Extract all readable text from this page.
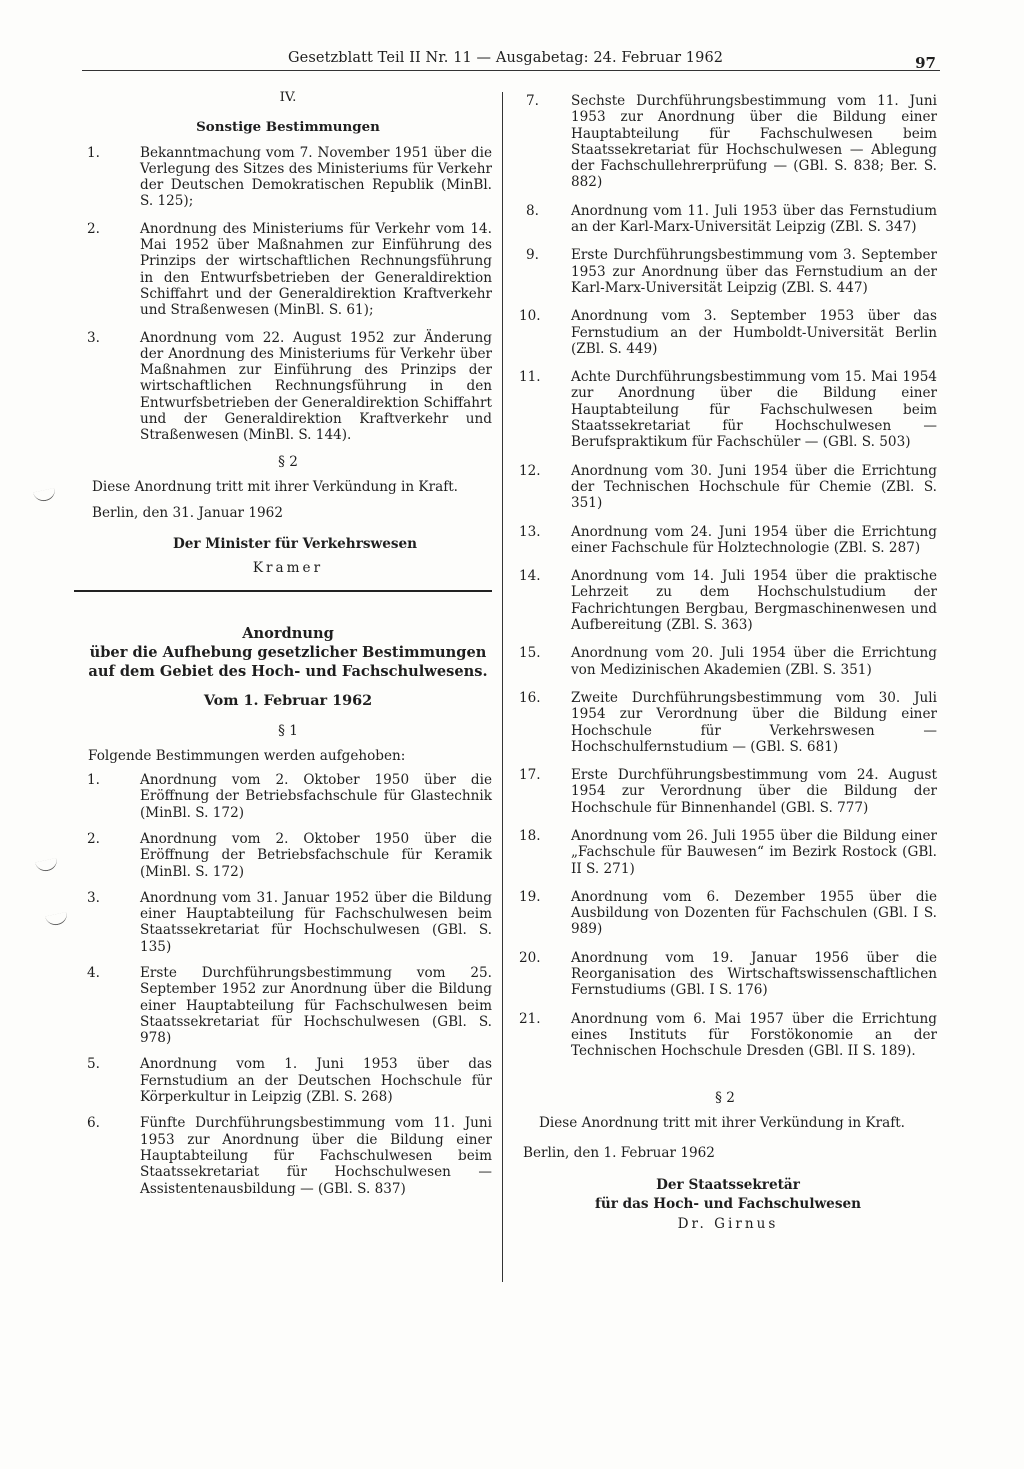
Gesetzblatt Teil II Nr. 11 — Ausgabetag: 24. Februar 1962	97
IV.
Sonstige Bestimmungen
1.	Bekanntmachung vom 7. November 1951 über die Verlegung des Sitzes des Ministeriums für Verkehr der Deutschen Demokratischen Republik (MinBl. S. 125);
2.	Anordnung des Ministeriums für Verkehr vom 14. Mai 1952 über Maßnahmen zur Einführung des Prinzips der wirtschaftlichen Rechnungsführung in den Entwurfsbetrieben der Generaldirektion Schiffahrt und der Generaldirektion Kraftverkehr und Straßenwesen (MinBl. S. 61);
3.	Anordnung vom 22. August 1952 zur Änderung der Anordnung des Ministeriums für Verkehr über Maßnahmen zur Einführung des Prinzips der wirtschaftlichen Rechnungsführung in den Entwurfsbetrieben der Generaldirektion Schiffahrt und der Generaldirektion Kraftverkehr und Straßenwesen (MinBl. S. 144).
§ 2

Diese Anordnung tritt mit ihrer Verkündung in Kraft.

Berlin, den 31. Januar 1962

Der Minister für Verkehrswesen
Kramer
Anordnung
über die Aufhebung gesetzlicher Bestimmungen
auf dem Gebiet des Hoch- und Fachschulwesens.
Vom 1. Februar 1962
§ 1

Folgende Bestimmungen werden aufgehoben:

1.	Anordnung vom 2. Oktober 1950 über die Eröffnung der Betriebsfachschule für Glastechnik (MinBl. S. 172)
2.	Anordnung vom 2. Oktober 1950 über die Eröffnung der Betriebsfachschule für Keramik (MinBl. S. 172)
3.	Anordnung vom 31. Januar 1952 über die Bildung einer Hauptabteilung für Fachschulwesen beim Staatssekretariat für Hochschulwesen (GBl. S. 135)
4.	Erste Durchführungsbestimmung vom 25. September 1952 zur Anordnung über die Bildung einer Hauptabteilung für Fachschulwesen beim Staatssekretariat für Hochschulwesen (GBl. S. 978)
5.	Anordnung vom 1. Juni 1953 über das Fernstudium an der Deutschen Hochschule für Körperkultur in Leipzig (ZBl. S. 268)
6.	Fünfte Durchführungsbestimmung vom 11. Juni 1953 zur Anordnung über die Bildung einer Hauptabteilung für Fachschulwesen beim Staatssekretariat für Hochschulwesen — Assistentenausbildung — (GBl. S. 837)
7. Sechste Durchführungsbestimmung vom 11. Juni 1953 zur Anordnung über die Bildung einer Hauptabteilung für Fachschulwesen beim Staatssekretariat für Hochschulwesen — Ablegung der Fachschullehrerprüfung — (GBl. S. 838; Ber. S. 882)
8. Anordnung vom 11. Juli 1953 über das Fernstudium an der Karl-Marx-Universität Leipzig (ZBl. S. 347)
9. Erste Durchführungsbestimmung vom 3. September 1953 zur Anordnung über das Fernstudium an der Karl-Marx-Universität Leipzig (ZBl. S. 447)
10. Anordnung vom 3. September 1953 über das Fernstudium an der Humboldt-Universität Berlin (ZBl. S. 449)
11. Achte Durchführungsbestimmung vom 15. Mai 1954 zur Anordnung über die Bildung einer Hauptabteilung für Fachschulwesen beim Staatssekretariat für Hochschulwesen — Berufspraktikum für Fachschüler — (GBl. S. 503)
12. Anordnung vom 30. Juni 1954 über die Errichtung der Technischen Hochschule für Chemie (ZBl. S. 351)
13. Anordnung vom 24. Juni 1954 über die Errichtung einer Fachschule für Holztechnologie (ZBl. S. 287)
14. Anordnung vom 14. Juli 1954 über die praktische Lehrzeit zu dem Hochschulstudium der Fachrichtungen Bergbau, Bergmaschinenwesen und Aufbereitung (ZBl. S. 363)
15. Anordnung vom 20. Juli 1954 über die Errichtung von Medizinischen Akademien (ZBl. S. 351)
16. Zweite Durchführungsbestimmung vom 30. Juli 1954 zur Verordnung über die Bildung einer Hochschule für Verkehrswesen — Hochschulfernstudium — (GBl. S. 681)
17. Erste Durchführungsbestimmung vom 24. August 1954 zur Verordnung über die Bildung der Hochschule für Binnenhandel (GBl. S. 777)
18. Anordnung vom 26. Juli 1955 über die Bildung einer „Fachschule für Bauwesen“ im Bezirk Rostock (GBl. II S. 271)
19. Anordnung vom 6. Dezember 1955 über die Ausbildung von Dozenten für Fachschulen (GBl. I S. 989)
20. Anordnung vom 19. Januar 1956 über die Reorganisation des Wirtschaftswissenschaftlichen Fernstudiums (GBl. I S. 176)
21. Anordnung vom 6. Mai 1957 über die Errichtung eines Instituts für Forstökonomie an der Technischen Hochschule Dresden (GBl. II S. 189).
§ 2

Diese Anordnung tritt mit ihrer Verkündung in Kraft.

Berlin, den 1. Februar 1962

Der Staatssekretär
für das Hoch- und Fachschulwesen
Dr. Girnus
